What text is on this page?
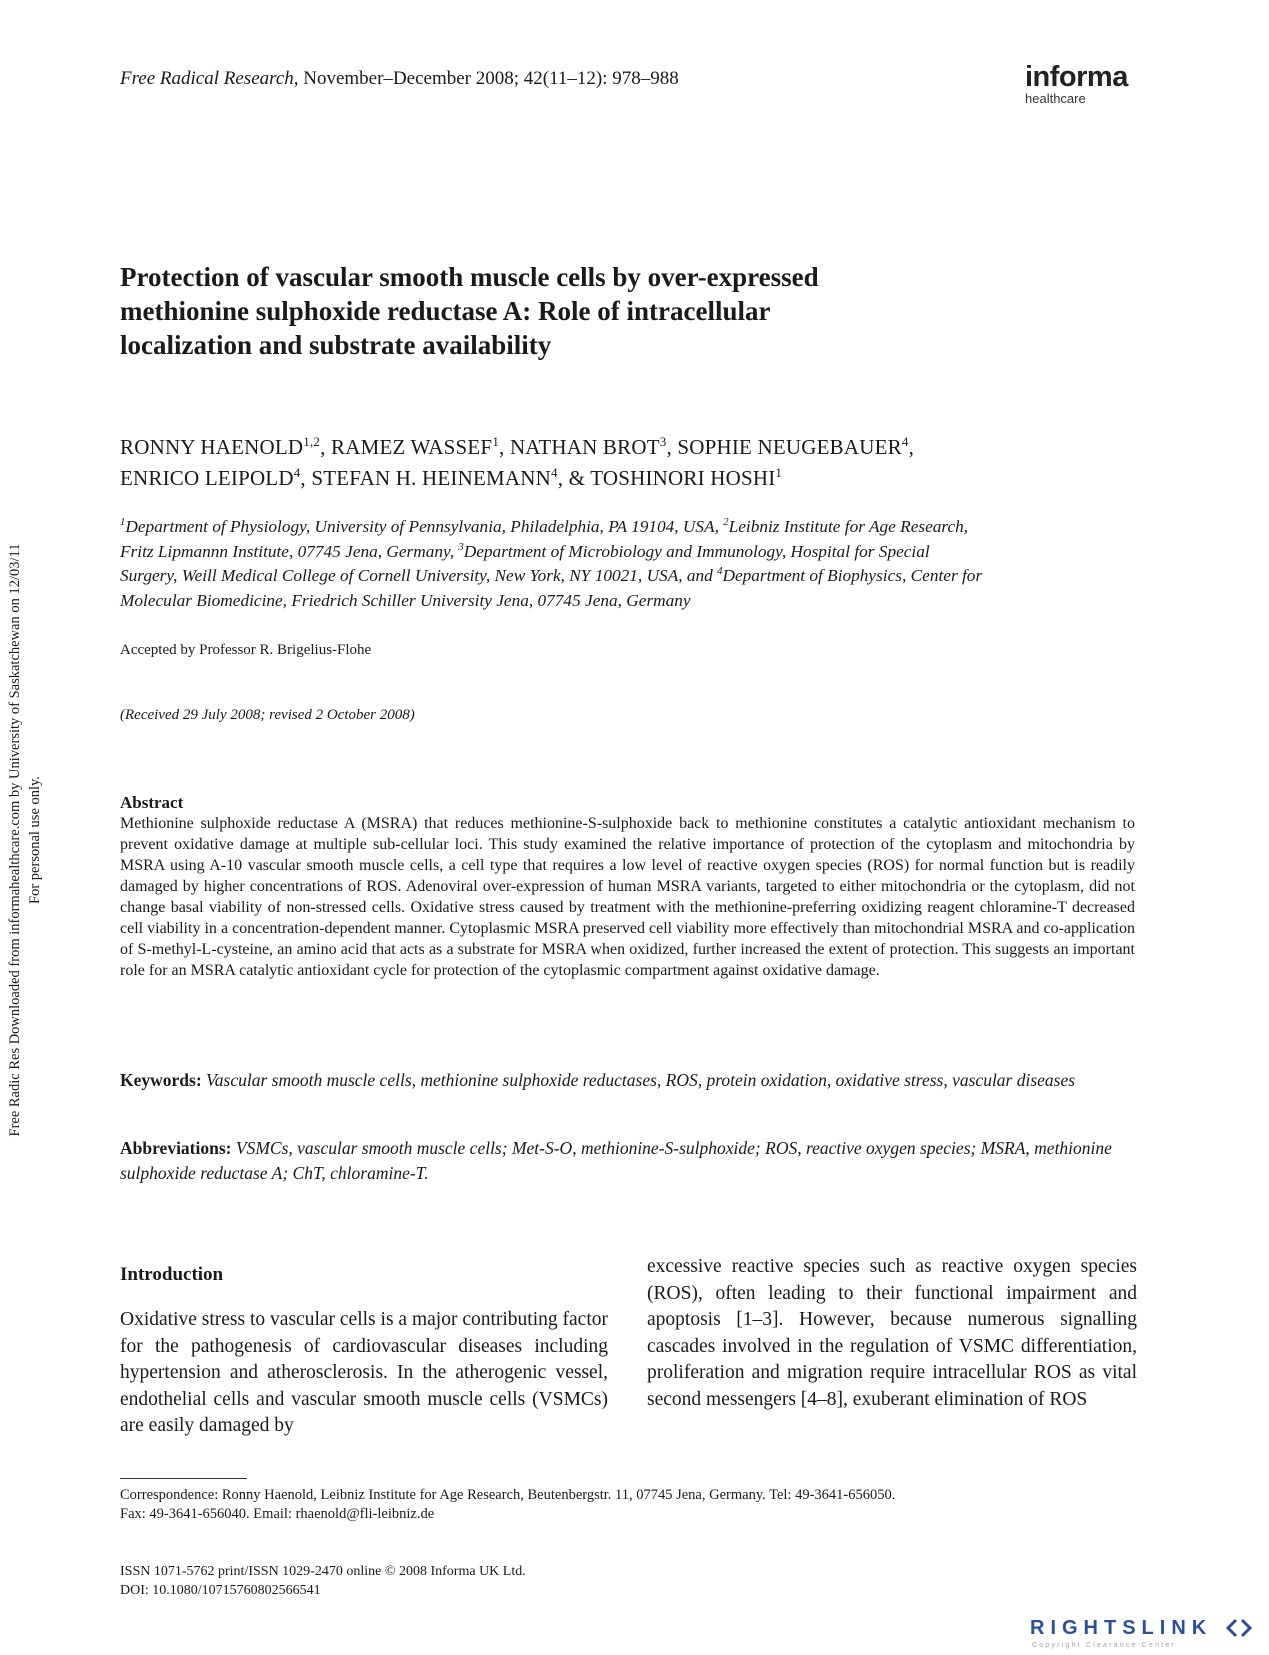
Free Radical Research, November–December 2008; 42(11–12): 978–988	informa
healthcare
Protection of vascular smooth muscle cells by over-expressed
methionine sulphoxide reductase A: Role of intracellular
localization and substrate availability
RONNY HAENOLD$^{1,2}$, RAMEZ WASSEF$^1$, NATHAN BROT$^3$, SOPHIE NEUGEBAUER$^4$,
ENRICO LEIPOLD$^4$, STEFAN H. HEINEMANN$^4$, & TOSHINORI HOSHI$^1$
$^1$Department of Physiology, University of Pennsylvania, Philadelphia, PA 19104, USA, $^2$Leibniz Institute for Age Research,
Fritz Lipmannn Institute, 07745 Jena, Germany, $^3$Department of Microbiology and Immunology, Hospital for Special
Surgery, Weill Medical College of Cornell University, New York, NY 10021, USA, and $^4$Department of Biophysics, Center for
Molecular Biomedicine, Friedrich Schiller University Jena, 07745 Jena, Germany
Accepted by Professor R. Brigelius-Flohe
(Received 29 July 2008; revised 2 October 2008)
Abstract
Methionine sulphoxide reductase A (MSRA) that reduces methionine-S-sulphoxide back to methionine constitutes a catalytic antioxidant mechanism to prevent oxidative damage at multiple sub-cellular loci. This study examined the relative importance of protection of the cytoplasm and mitochondria by MSRA using A-10 vascular smooth muscle cells, a cell type that requires a low level of reactive oxygen species (ROS) for normal function but is readily damaged by higher concentrations of ROS. Adenoviral over-expression of human MSRA variants, targeted to either mitochondria or the cytoplasm, did not change basal viability of non-stressed cells. Oxidative stress caused by treatment with the methionine-preferring oxidizing reagent chloramine-T decreased cell viability in a concentration-dependent manner. Cytoplasmic MSRA preserved cell viability more effectively than mitochondrial MSRA and co-application of S-methyl-L-cysteine, an amino acid that acts as a substrate for MSRA when oxidized, further increased the extent of protection. This suggests an important role for an MSRA catalytic antioxidant cycle for protection of the cytoplasmic compartment against oxidative damage.
Keywords: Vascular smooth muscle cells, methionine sulphoxide reductases, ROS, protein oxidation, oxidative stress, vascular diseases
Abbreviations: VSMCs, vascular smooth muscle cells; Met-S-O, methionine-S-sulphoxide; ROS, reactive oxygen species; MSRA, methionine sulphoxide reductase A; ChT, chloramine-T.
Introduction
Oxidative stress to vascular cells is a major contributing factor for the pathogenesis of cardiovascular diseases including hypertension and atherosclerosis. In the atherogenic vessel, endothelial cells and vascular smooth muscle cells (VSMCs) are easily damaged by
excessive reactive species such as reactive oxygen species (ROS), often leading to their functional impairment and apoptosis [1–3]. However, because numerous signalling cascades involved in the regulation of VSMC differentiation, proliferation and migration require intracellular ROS as vital second messengers [4–8], exuberant elimination of ROS
Correspondence: Ronny Haenold, Leibniz Institute for Age Research, Beutenbergstr. 11, 07745 Jena, Germany. Tel: 49-3641-656050.
Fax: 49-3641-656040. Email: rhaenold@fli-leibniz.de
ISSN 1071-5762 print/ISSN 1029-2470 online © 2008 Informa UK Ltd.
DOI: 10.1080/10715760802566541
Free Radic Res Downloaded from informahealthcare.com by University of Saskatchewan on 12/03/11 For personal use only.
RIGHTSLINK
Copyright Clearance Center
